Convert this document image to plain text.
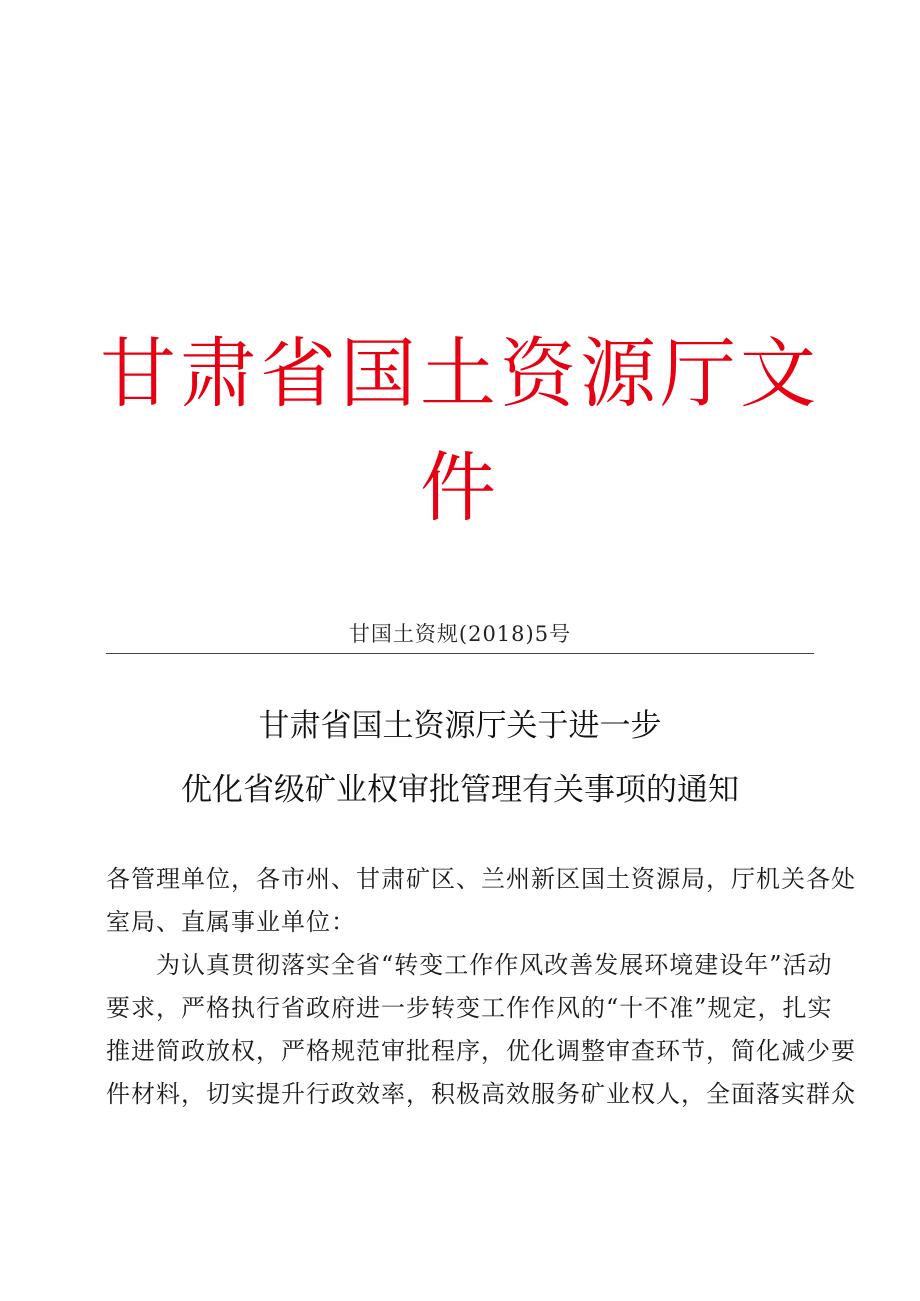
甘肃省国土资源厅文
件
甘国土资规(2018)5号
甘肃省国土资源厅关于进一步
优化省级矿业权审批管理有关事项的通知
各管理单位，各市州、甘肃矿区、兰州新区国土资源局，厅机关各处
室局、直属事业单位：
　　为认真贯彻落实全省“转变工作作风改善发展环境建设年”活动
要求，严格执行省政府进一步转变工作作风的“十不准”规定，扎实
推进简政放权，严格规范审批程序，优化调整审查环节，简化减少要
件材料，切实提升行政效率，积极高效服务矿业权人，全面落实群众
